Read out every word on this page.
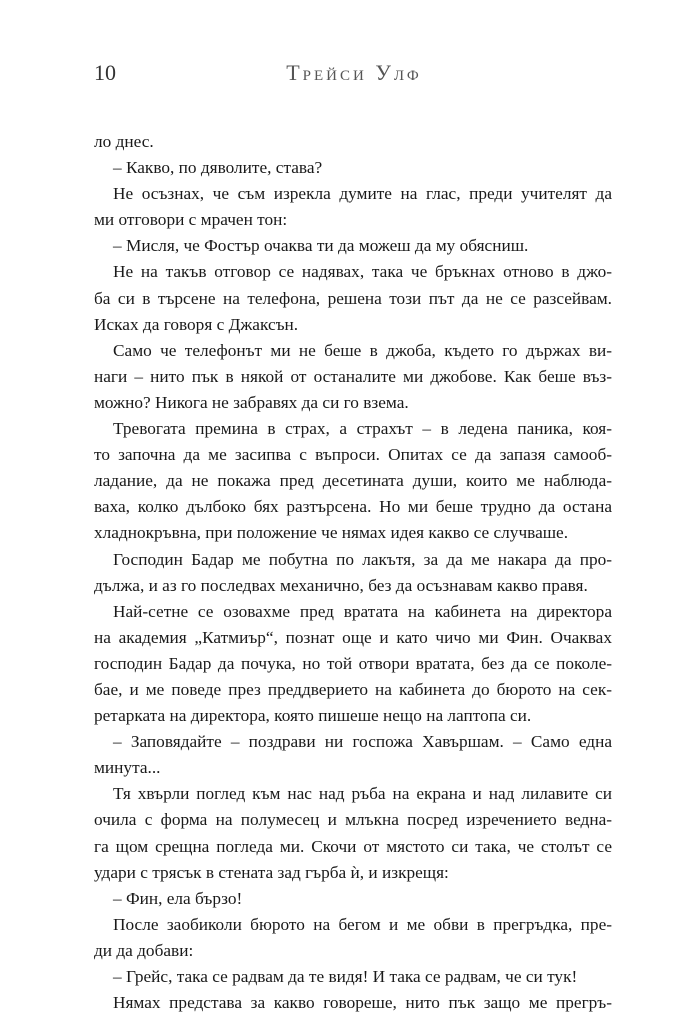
10	Трейси Улф
ло днес.
– Какво, по дяволите, става?
Не осъзнах, че съм изрекла думите на глас, преди учителят да
ми отговори с мрачен тон:
– Мисля, че Фостър очаква ти да можеш да му обясниш.
Не на такъв отговор се надявах, така че бръкнах отново в джо-
ба си в търсене на телефона, решена този път да не се разсейвам.
Исках да говоря с Джаксън.
Само че телефонът ми не беше в джоба, където го държах ви-
наги – нито пък в някой от останалите ми джобове. Как беше въз-
можно? Никога не забравях да си го взема.
Тревогата премина в страх, а страхът – в ледена паника, коя-
то започна да ме засипва с въпроси. Опитах се да запазя самооб-
ладание, да не покажа пред десетината души, които ме наблюда-
ваха, колко дълбоко бях разтърсена. Но ми беше трудно да остана
хладнокръвна, при положение че нямах идея какво се случваше.
Господин Бадар ме побутна по лакътя, за да ме накара да про-
дължа, и аз го последвах механично, без да осъзнавам какво правя.
Най-сетне се озовахме пред вратата на кабинета на директора
на академия „Катмиър“, познат още и като чичо ми Фин. Очаквах
господин Бадар да почука, но той отвори вратата, без да се поколе-
бае, и ме поведе през преддверието на кабинета до бюрото на сек-
ретарката на директора, която пишеше нещо на лаптопа си.
– Заповядайте – поздрави ни госпожа Хавършам. – Само една
минута...
Тя хвърли поглед към нас над ръба на екрана и над лилавите си
очила с форма на полумесец и млъкна посред изречението ведна-
га щом срещна погледа ми. Скочи от мястото си така, че столът се
удари с трясък в стената зад гърба ѝ, и изкрещя:
– Фин, ела бързо!
После заобиколи бюрото на бегом и ме обви в прегръдка, пре-
ди да добави:
– Грейс, така се радвам да те видя! И така се радвам, че си тук!
Нямах представа за какво говореше, нито пък защо ме прегръ-
